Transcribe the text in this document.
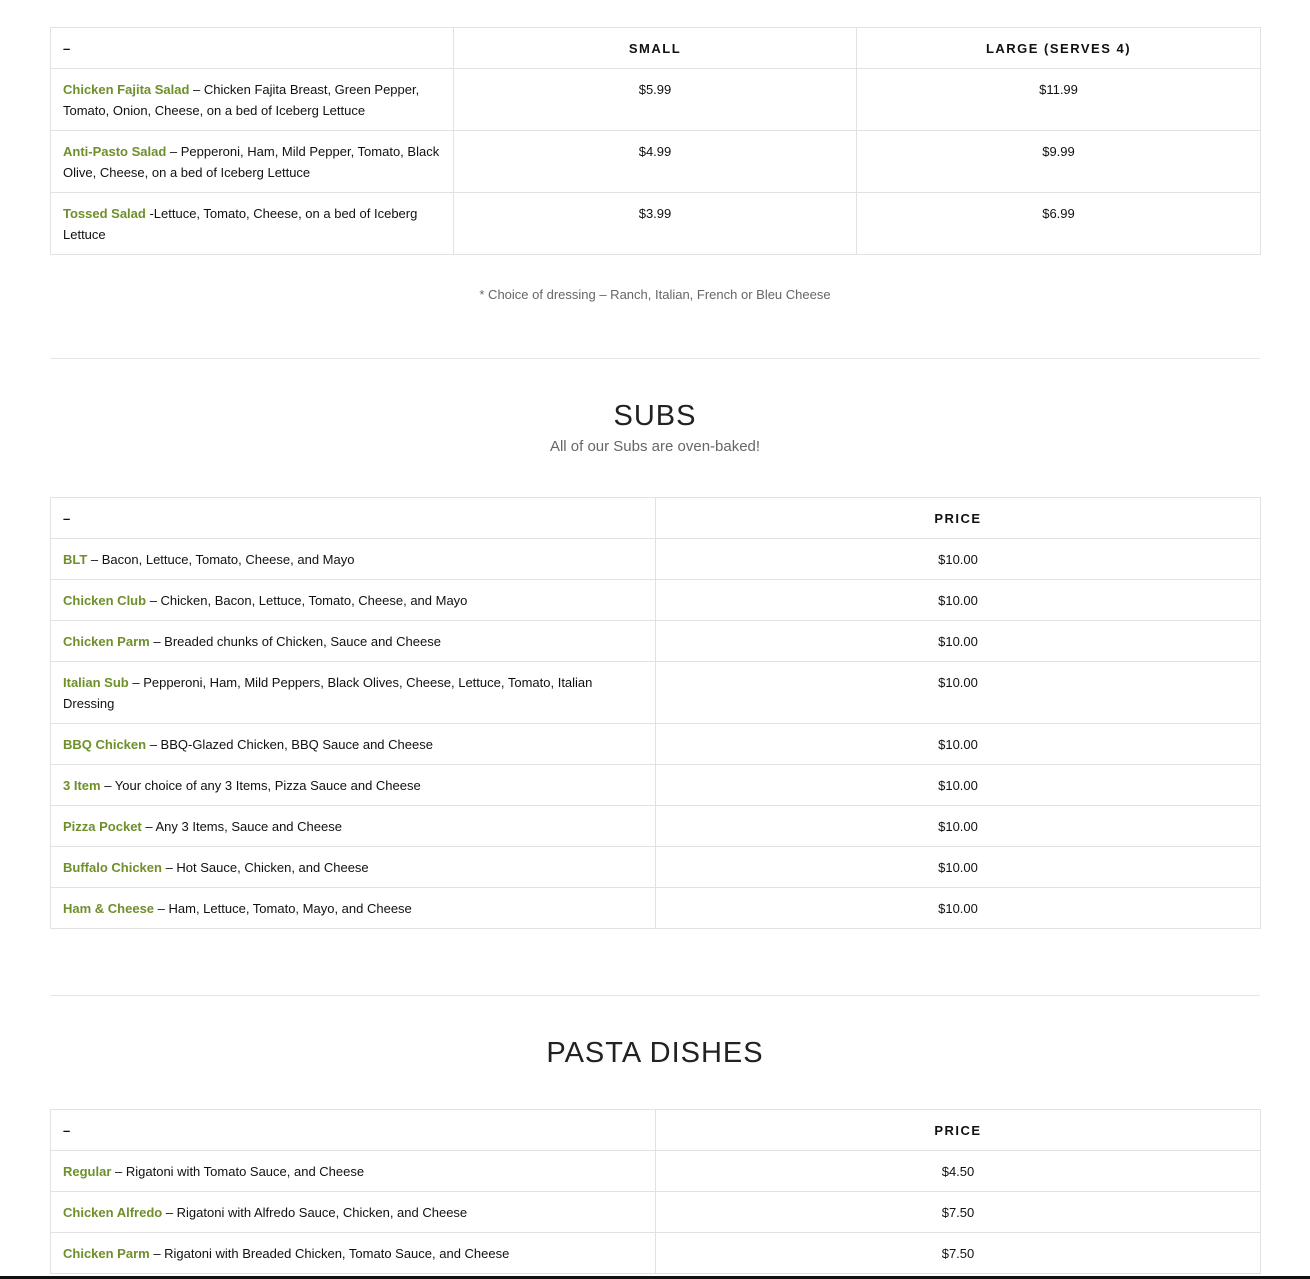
–	SMALL	LARGE (SERVES 4)
Chicken Fajita Salad – Chicken Fajita Breast, Green Pepper, Tomato, Onion, Cheese, on a bed of Iceberg Lettuce	$5.99	$11.99
Anti-Pasto Salad – Pepperoni, Ham, Mild Pepper, Tomato, Black Olive, Cheese, on a bed of Iceberg Lettuce	$4.99	$9.99
Tossed Salad -Lettuce, Tomato, Cheese, on a bed of Iceberg Lettuce	$3.99	$6.99

* Choice of dressing – Ranch, Italian, French or Bleu Cheese

SUBS

All of our Subs are oven-baked!

–	PRICE
BLT – Bacon, Lettuce, Tomato, Cheese, and Mayo	$10.00
Chicken Club – Chicken, Bacon, Lettuce, Tomato, Cheese, and Mayo	$10.00
Chicken Parm – Breaded chunks of Chicken, Sauce and Cheese	$10.00
Italian Sub – Pepperoni, Ham, Mild Peppers, Black Olives, Cheese, Lettuce, Tomato, Italian Dressing	$10.00
BBQ Chicken – BBQ-Glazed Chicken, BBQ Sauce and Cheese	$10.00
3 Item – Your choice of any 3 Items, Pizza Sauce and Cheese	$10.00
Pizza Pocket – Any 3 Items, Sauce and Cheese	$10.00
Buffalo Chicken – Hot Sauce, Chicken, and Cheese	$10.00
Ham & Cheese – Ham, Lettuce, Tomato, Mayo, and Cheese	$10.00
PASTA DISHES
–	PRICE
Regular – Rigatoni with Tomato Sauce, and Cheese	$4.50
Chicken Alfredo – Rigatoni with Alfredo Sauce, Chicken, and Cheese	$7.50
Chicken Parm – Rigatoni with Breaded Chicken, Tomato Sauce, and Cheese	$7.50
